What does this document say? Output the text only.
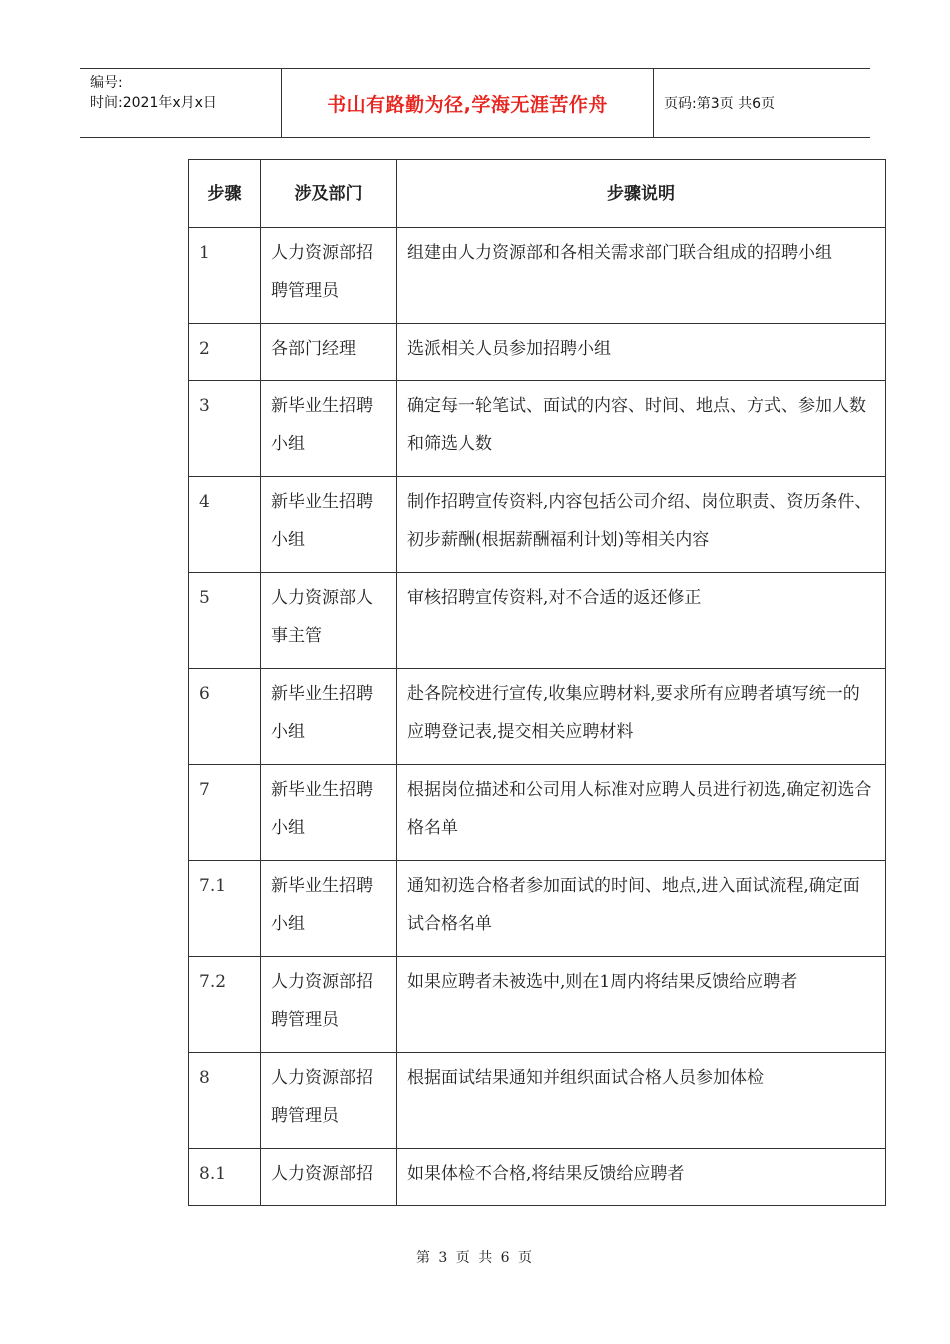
编号:
时间:2021年x月x日	书山有路勤为径,学海无涯苦作舟	页码:第3页 共6页
步骤	涉及部门	步骤说明
1	人力资源部招聘管理员	组建由人力资源部和各相关需求部门联合组成的招聘小组
2	各部门经理	选派相关人员参加招聘小组
3	新毕业生招聘小组	确定每一轮笔试、面试的内容、时间、地点、方式、参加人数和筛选人数
4	新毕业生招聘小组	制作招聘宣传资料,内容包括公司介绍、岗位职责、资历条件、初步薪酬(根据薪酬福利计划)等相关内容
5	人力资源部人事主管	审核招聘宣传资料,对不合适的返还修正
6	新毕业生招聘小组	赴各院校进行宣传,收集应聘材料,要求所有应聘者填写统一的应聘登记表,提交相关应聘材料
7	新毕业生招聘小组	根据岗位描述和公司用人标准对应聘人员进行初选,确定初选合格名单
7.1	新毕业生招聘小组	通知初选合格者参加面试的时间、地点,进入面试流程,确定面试合格名单
7.2	人力资源部招聘管理员	如果应聘者未被选中,则在1周内将结果反馈给应聘者
8	人力资源部招聘管理员	根据面试结果通知并组织面试合格人员参加体检
8.1	人力资源部招	如果体检不合格,将结果反馈给应聘者
第 3 页 共 6 页
